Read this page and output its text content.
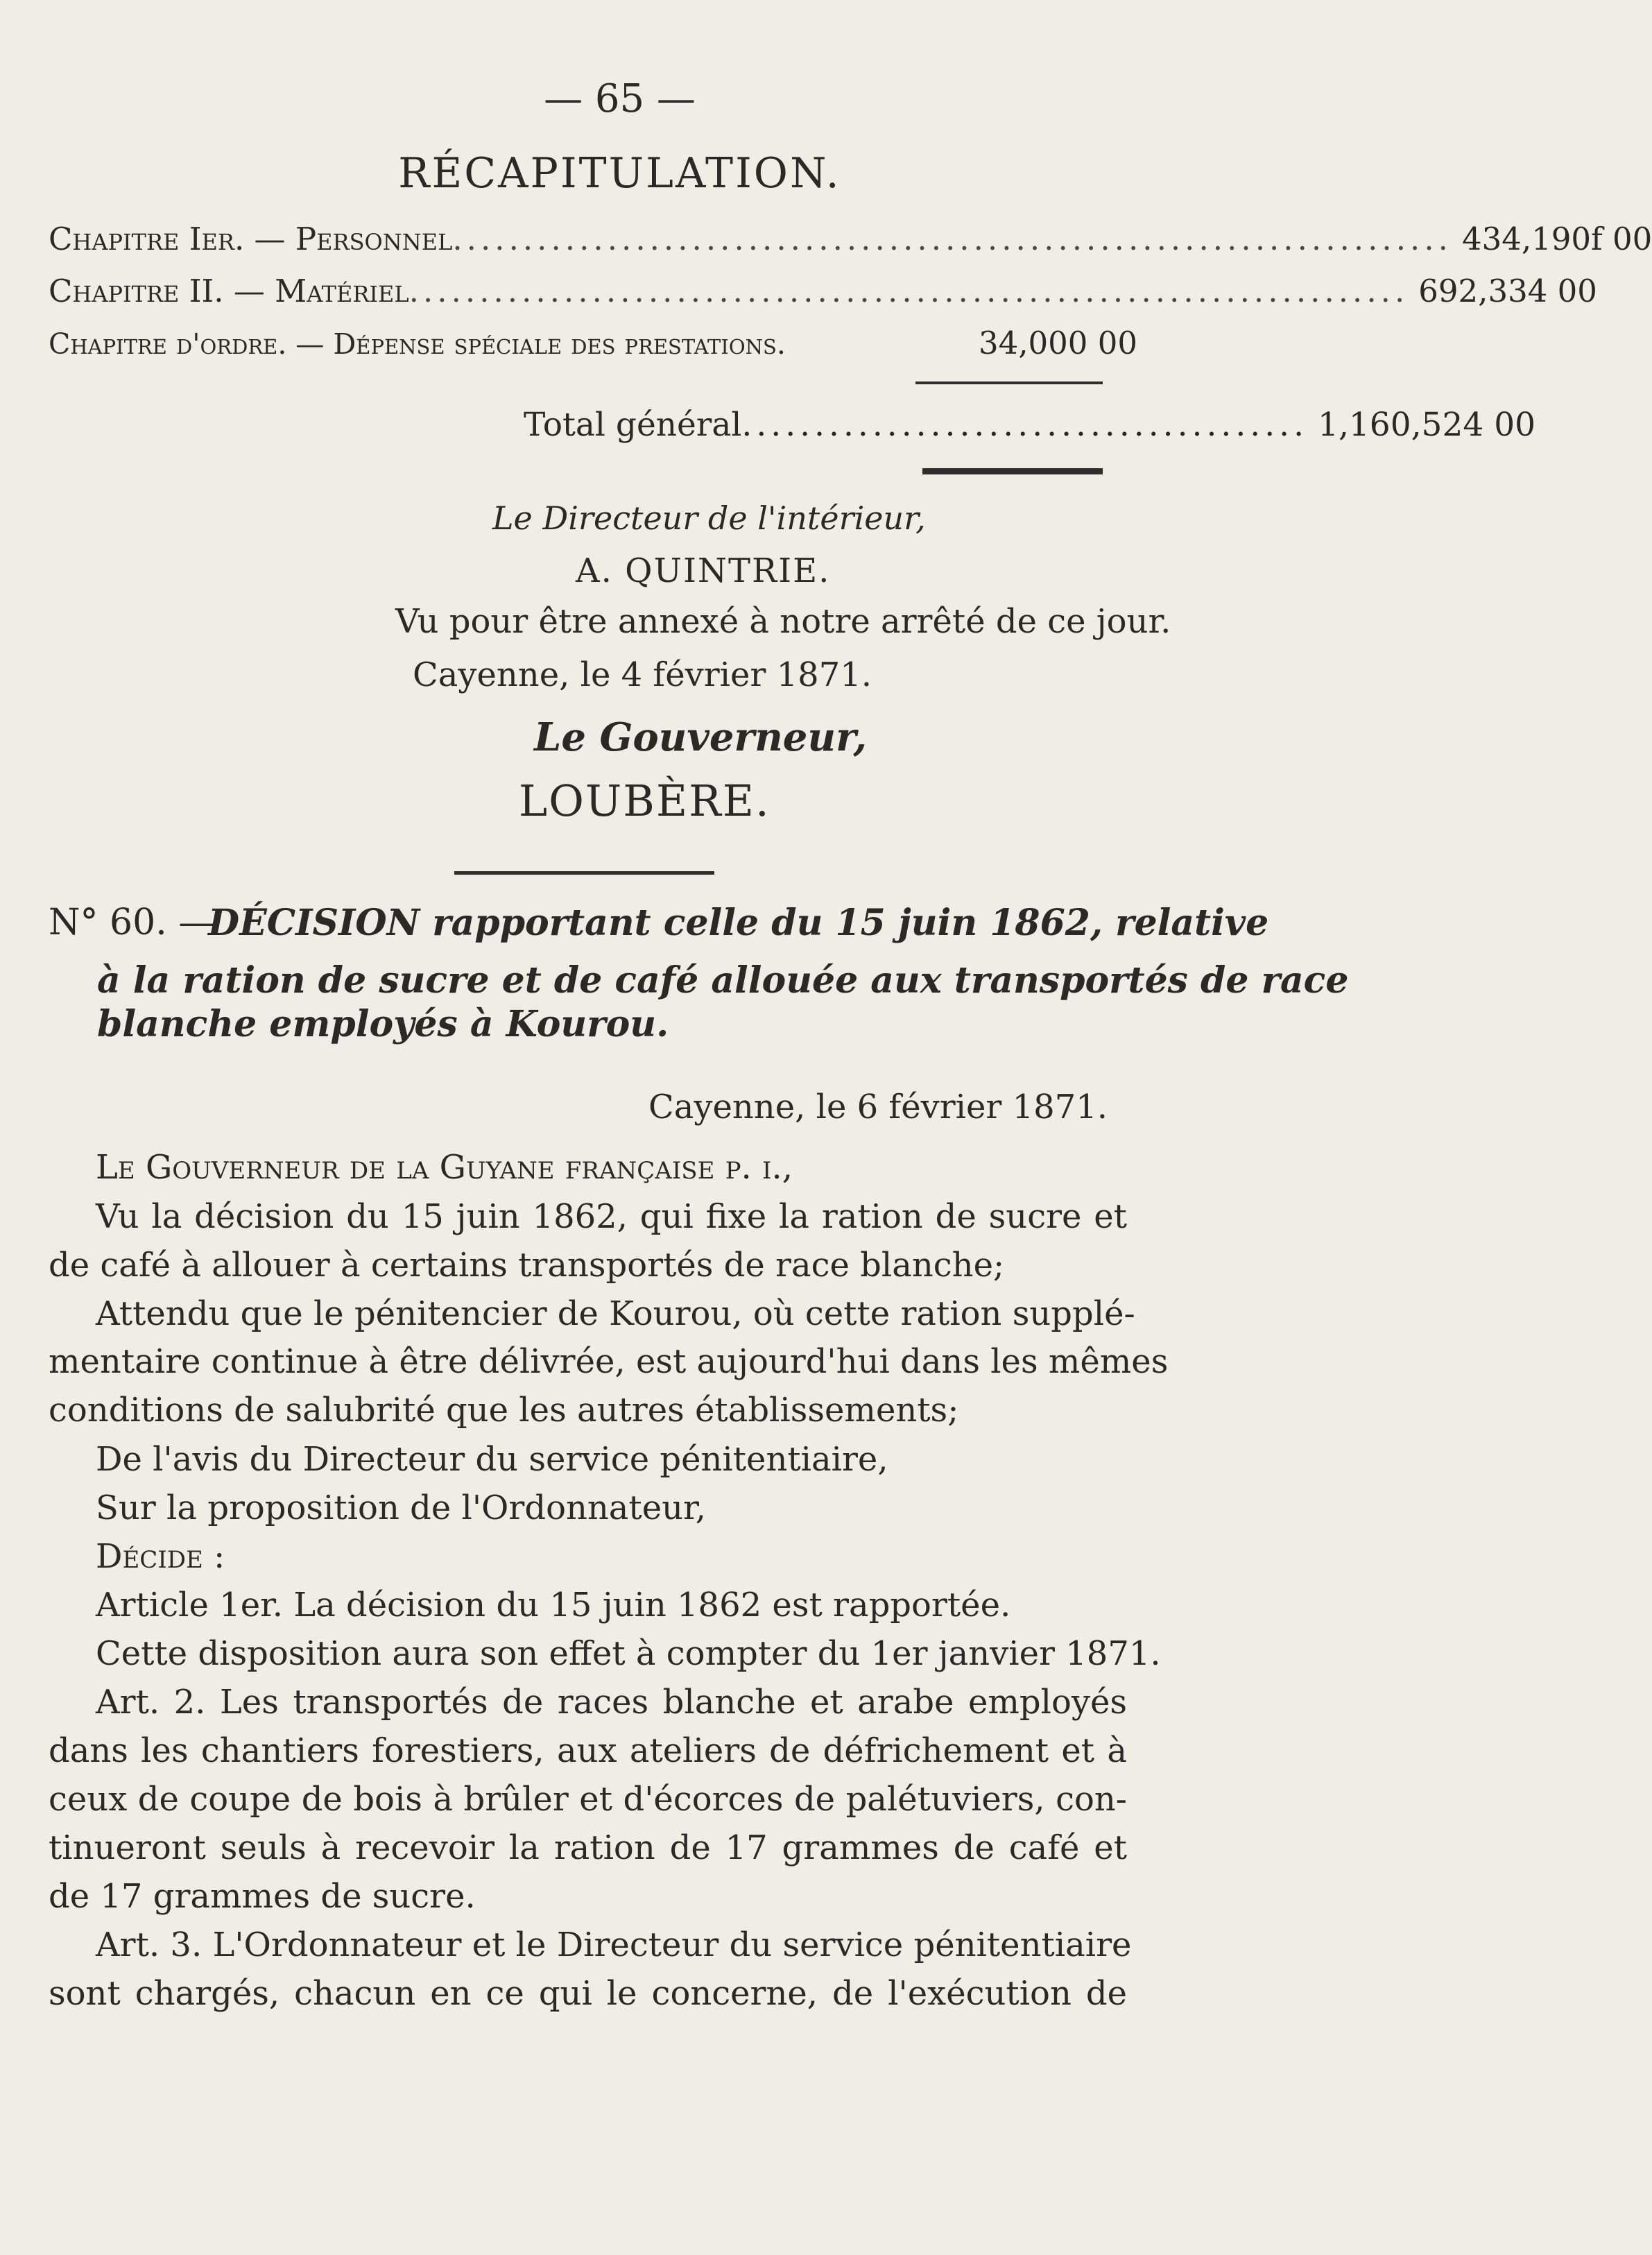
— 65 —
RÉCAPITULATION.
Chapitre Ier. — Personnel ....................................................................... 434,190f 00
Chapitre II. — Matériel ....................................................................... 692,334 00
Chapitre d'ordre. — Dépense spéciale des prestations.	34,000 00
Total général ....................................... 1,160,524 00
Le Directeur de l'intérieur,
A. QUINTRIE.
Vu pour être annexé à notre arrêté de ce jour.
Cayenne, le 4 février 1871.
Le Gouverneur,
LOUBÈRE.
N° 60. —
DÉCISION rapportant celle du 15 juin 1862, relative
à la ration de sucre et de café allouée aux transportés de race
blanche employés à Kourou.
Cayenne, le 6 février 1871.
Le Gouverneur de la Guyane française p. i.,
Vu la décision du 15 juin 1862, qui fixe la ration de sucre et
de café à allouer à certains transportés de race blanche;
Attendu que le pénitencier de Kourou, où cette ration supplé-
mentaire continue à être délivrée, est aujourd'hui dans les mêmes
conditions de salubrité que les autres établissements;
De l'avis du Directeur du service pénitentiaire,
Sur la proposition de l'Ordonnateur,
Décide :
Article 1er. La décision du 15 juin 1862 est rapportée.
Cette disposition aura son effet à compter du 1er janvier 1871.
Art. 2. Les transportés de races blanche et arabe employés
dans les chantiers forestiers, aux ateliers de défrichement et à
ceux de coupe de bois à brûler et d'écorces de palétuviers, con-
tinueront seuls à recevoir la ration de 17 grammes de café et
de 17 grammes de sucre.
Art. 3. L'Ordonnateur et le Directeur du service pénitentiaire
sont chargés, chacun en ce qui le concerne, de l'exécution de
